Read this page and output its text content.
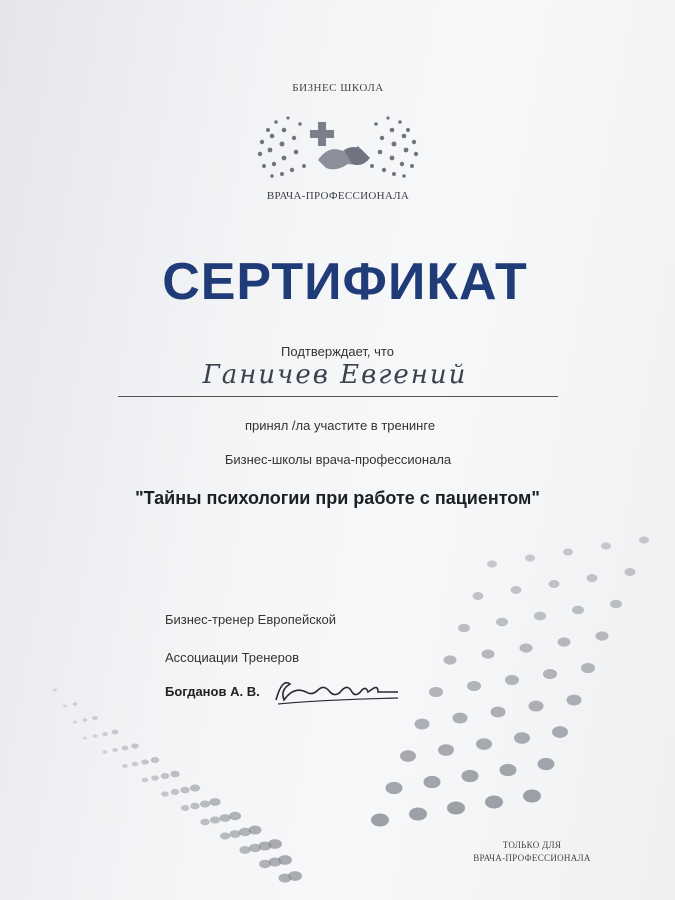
БИЗНЕС ШКОЛА
ВРАЧА-ПРОФЕССИОНАЛА
СЕРТИФИКАТ
Подтверждает, что
Ганичев Евгений
принял /ла участите в тренинге
Бизнес-школы врача-профессионала
"Тайны психологии при работе с пациентом"
Бизнес-тренер Европейской
Ассоциации Тренеров
Богданов А. В.
ТОЛЬКО ДЛЯ
ВРАЧА-ПРОФЕССИОНАЛА
